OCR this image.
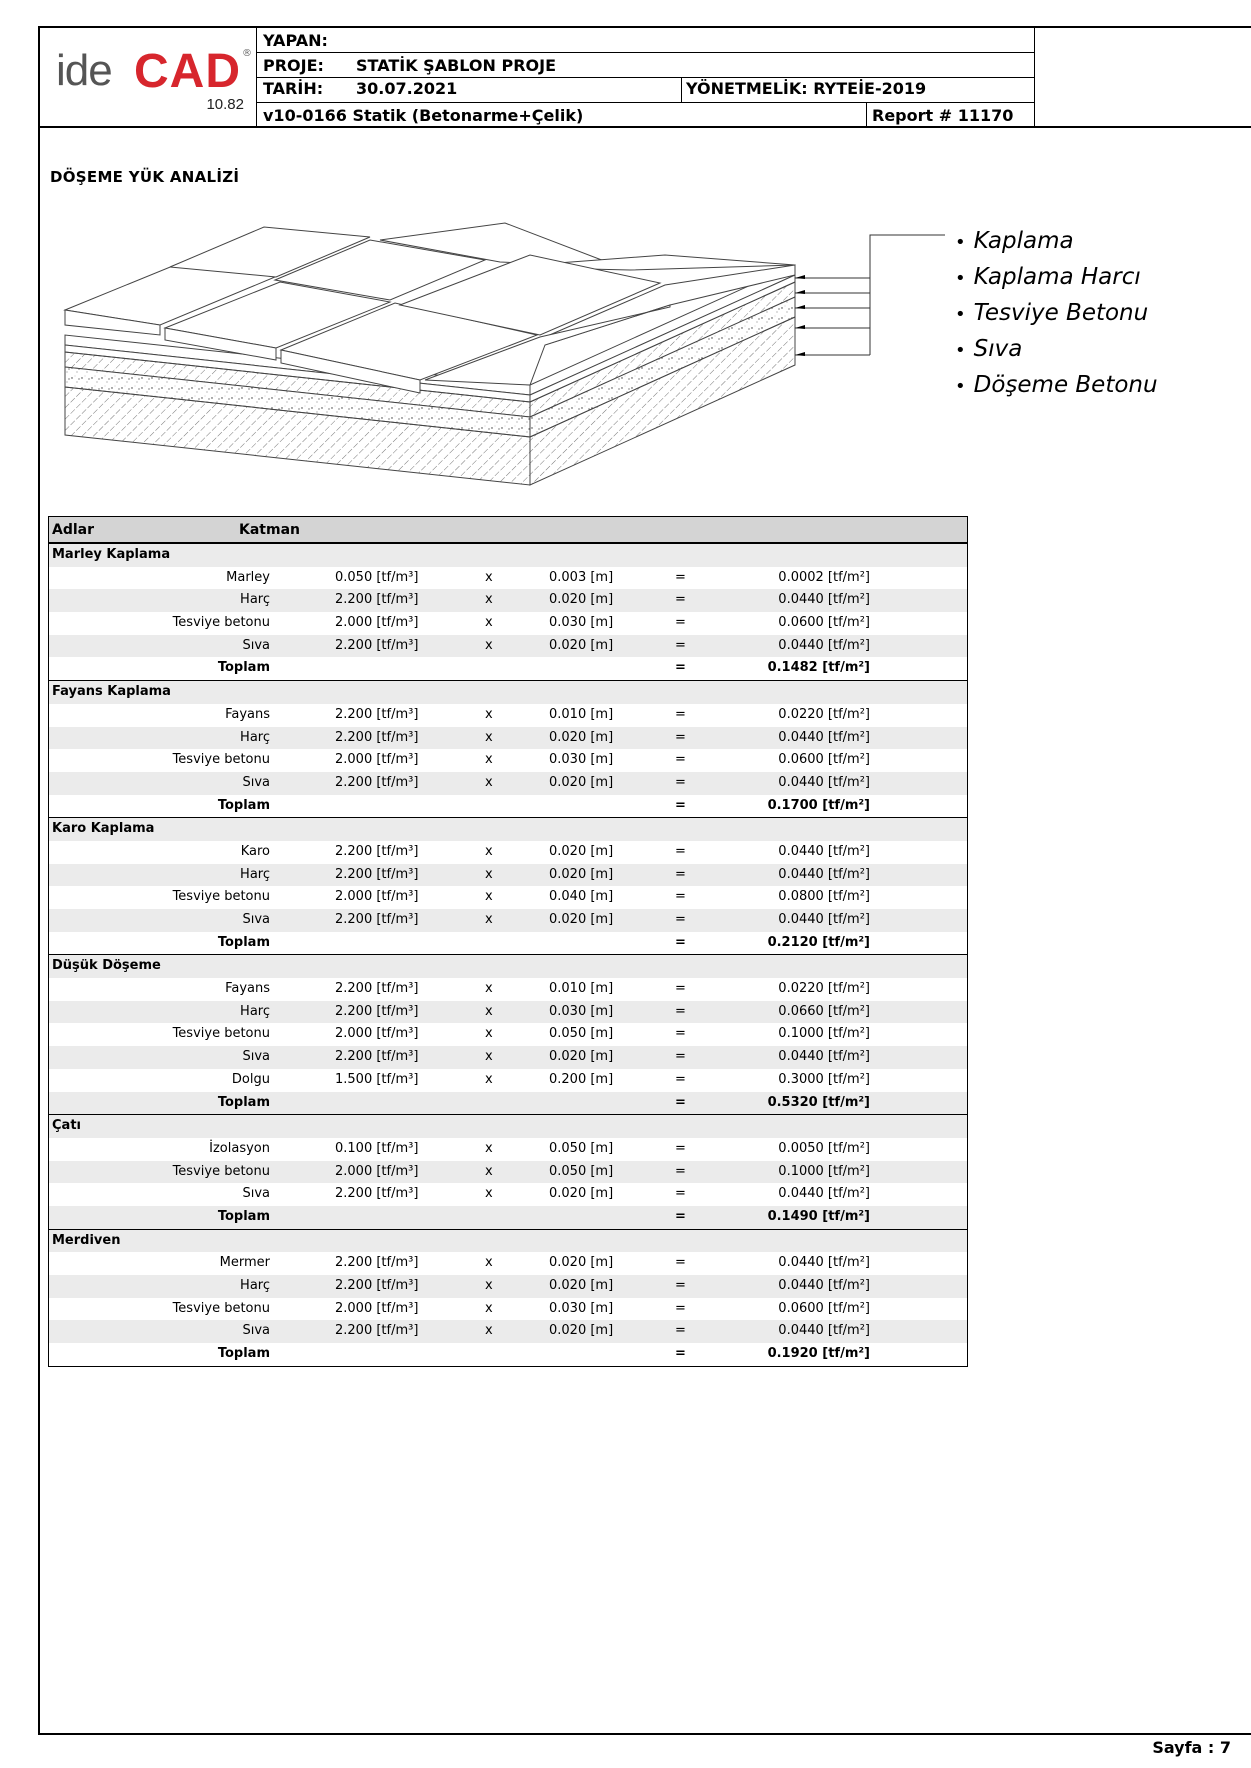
ide CAD ®
10.82
YAPAN:
PROJE: STATİK ŞABLON PROJE
TARİH: 30.07.2021	YÖNETMELİK: RYTEİE-2019
v10-0166 Statik (Betonarme+Çelik)	Report # 11170
DÖŞEME YÜK ANALİZİ
• Kaplama
• Kaplama Harcı
• Tesviye Betonu
• Sıva
• Döşeme Betonu
Adlar	Katman
Marley Kaplama
Marley	0.050 [tf/m³]	x	0.003 [m]	=	0.0002 [tf/m²]
Harç	2.200 [tf/m³]	x	0.020 [m]	=	0.0440 [tf/m²]
Tesviye betonu	2.000 [tf/m³]	x	0.030 [m]	=	0.0600 [tf/m²]
Sıva	2.200 [tf/m³]	x	0.020 [m]	=	0.0440 [tf/m²]
Toplam	=	0.1482 [tf/m²]
Fayans Kaplama
Fayans	2.200 [tf/m³]	x	0.010 [m]	=	0.0220 [tf/m²]
Harç	2.200 [tf/m³]	x	0.020 [m]	=	0.0440 [tf/m²]
Tesviye betonu	2.000 [tf/m³]	x	0.030 [m]	=	0.0600 [tf/m²]
Sıva	2.200 [tf/m³]	x	0.020 [m]	=	0.0440 [tf/m²]
Toplam	=	0.1700 [tf/m²]
Karo Kaplama
Karo	2.200 [tf/m³]	x	0.020 [m]	=	0.0440 [tf/m²]
Harç	2.200 [tf/m³]	x	0.020 [m]	=	0.0440 [tf/m²]
Tesviye betonu	2.000 [tf/m³]	x	0.040 [m]	=	0.0800 [tf/m²]
Sıva	2.200 [tf/m³]	x	0.020 [m]	=	0.0440 [tf/m²]
Toplam	=	0.2120 [tf/m²]
Düşük Döşeme
Fayans	2.200 [tf/m³]	x	0.010 [m]	=	0.0220 [tf/m²]
Harç	2.200 [tf/m³]	x	0.030 [m]	=	0.0660 [tf/m²]
Tesviye betonu	2.000 [tf/m³]	x	0.050 [m]	=	0.1000 [tf/m²]
Sıva	2.200 [tf/m³]	x	0.020 [m]	=	0.0440 [tf/m²]
Dolgu	1.500 [tf/m³]	x	0.200 [m]	=	0.3000 [tf/m²]
Toplam	=	0.5320 [tf/m²]
Çatı
İzolasyon	0.100 [tf/m³]	x	0.050 [m]	=	0.0050 [tf/m²]
Tesviye betonu	2.000 [tf/m³]	x	0.050 [m]	=	0.1000 [tf/m²]
Sıva	2.200 [tf/m³]	x	0.020 [m]	=	0.0440 [tf/m²]
Toplam	=	0.1490 [tf/m²]
Merdiven
Mermer	2.200 [tf/m³]	x	0.020 [m]	=	0.0440 [tf/m²]
Harç	2.200 [tf/m³]	x	0.020 [m]	=	0.0440 [tf/m²]
Tesviye betonu	2.000 [tf/m³]	x	0.030 [m]	=	0.0600 [tf/m²]
Sıva	2.200 [tf/m³]	x	0.020 [m]	=	0.0440 [tf/m²]
Toplam	=	0.1920 [tf/m²]
Sayfa : 7
